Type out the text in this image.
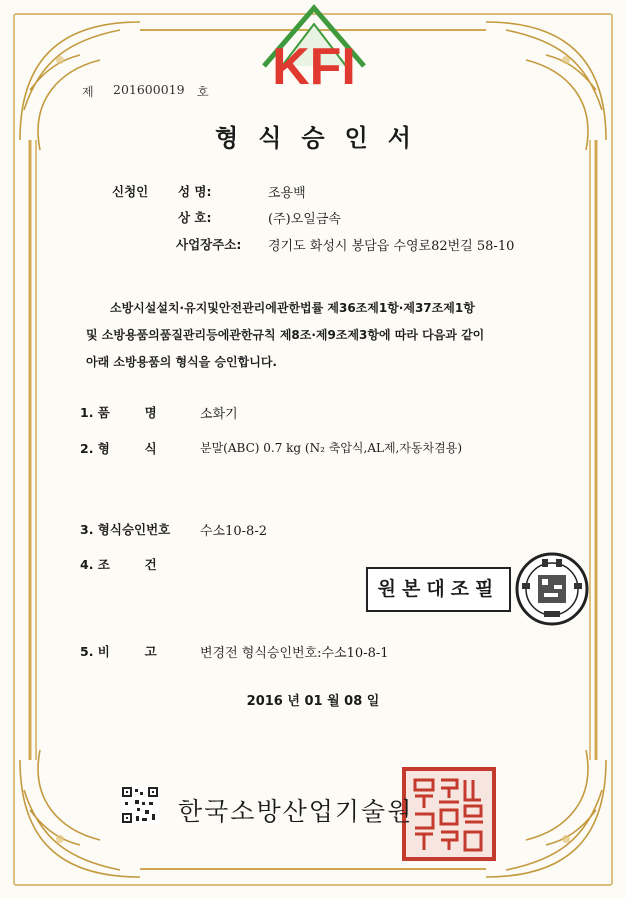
KFI
제 201600019 호
형식승인서
신청인 성 명:	조용백
상 호:	(주)오일금속
사업장주소: 경기도 화성시 봉담읍 수영로82번길 58-10
소방시설설치·유지및안전관리에관한법률 제36조제1항·제37조제1항
및 소방용품의품질관리등에관한규칙 제8조·제9조제3항에 따라 다음과 같이
아래 소방용품의 형식을 승인합니다.
1. 품        명	소화기
2. 형        식	분말(ABC) 0.7 kg (N₂ 축압식,AL제,자동차겸용)
3. 형식승인번호 수소10-8-2
4. 조        건
5. 비        고	변경전 형식승인번호:수소10-8-1
원본대조필
2016 년 01 월 08 일
한국소방산업기술원
